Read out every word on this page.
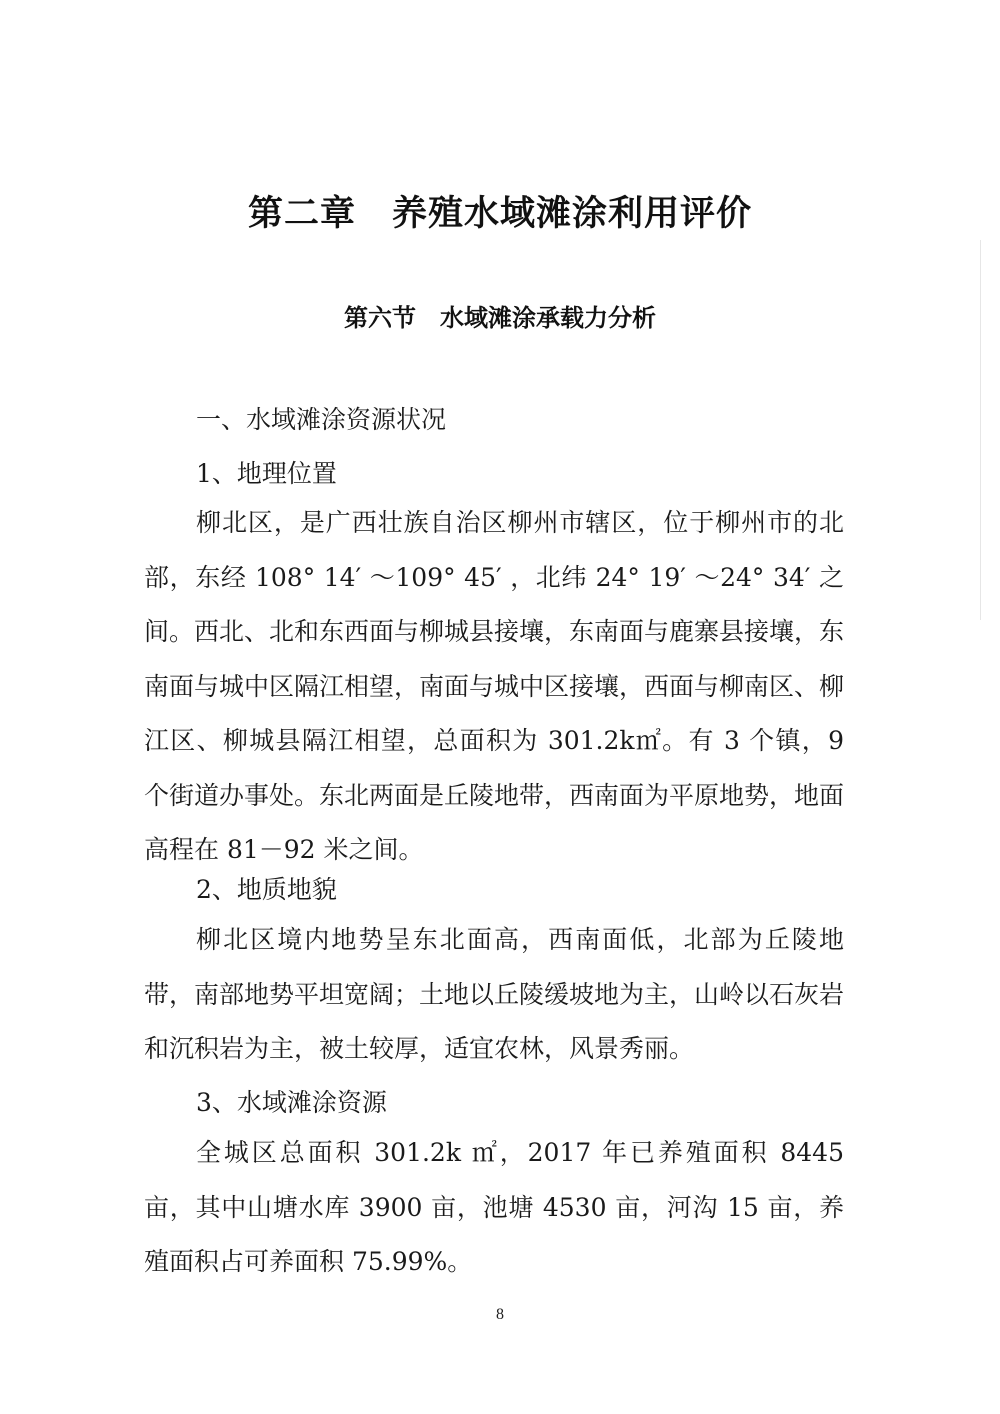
第二章　养殖水域滩涂利用评价
第六节　水域滩涂承载力分析
一、水域滩涂资源状况
1、地理位置
柳北区，是广西壮族自治区柳州市辖区，位于柳州市的北部，东经 108° 14′ ～109° 45′ ，北纬 24° 19′ ～24° 34′ 之间。西北、北和东西面与柳城县接壤，东南面与鹿寨县接壤，东南面与城中区隔江相望，南面与城中区接壤，西面与柳南区、柳江区、柳城县隔江相望，总面积为 301.2k㎡。有 3 个镇，9 个街道办事处。东北两面是丘陵地带，西南面为平原地势，地面高程在 81－92 米之间。
2、地质地貌
柳北区境内地势呈东北面高，西南面低，北部为丘陵地带，南部地势平坦宽阔；土地以丘陵缓坡地为主，山岭以石灰岩和沉积岩为主，被土较厚，适宜农林，风景秀丽。
3、水域滩涂资源
全城区总面积 301.2k ㎡，2017 年已养殖面积 8445 亩，其中山塘水库 3900 亩，池塘 4530 亩，河沟 15 亩，养殖面积占可养面积 75.99%。
8
